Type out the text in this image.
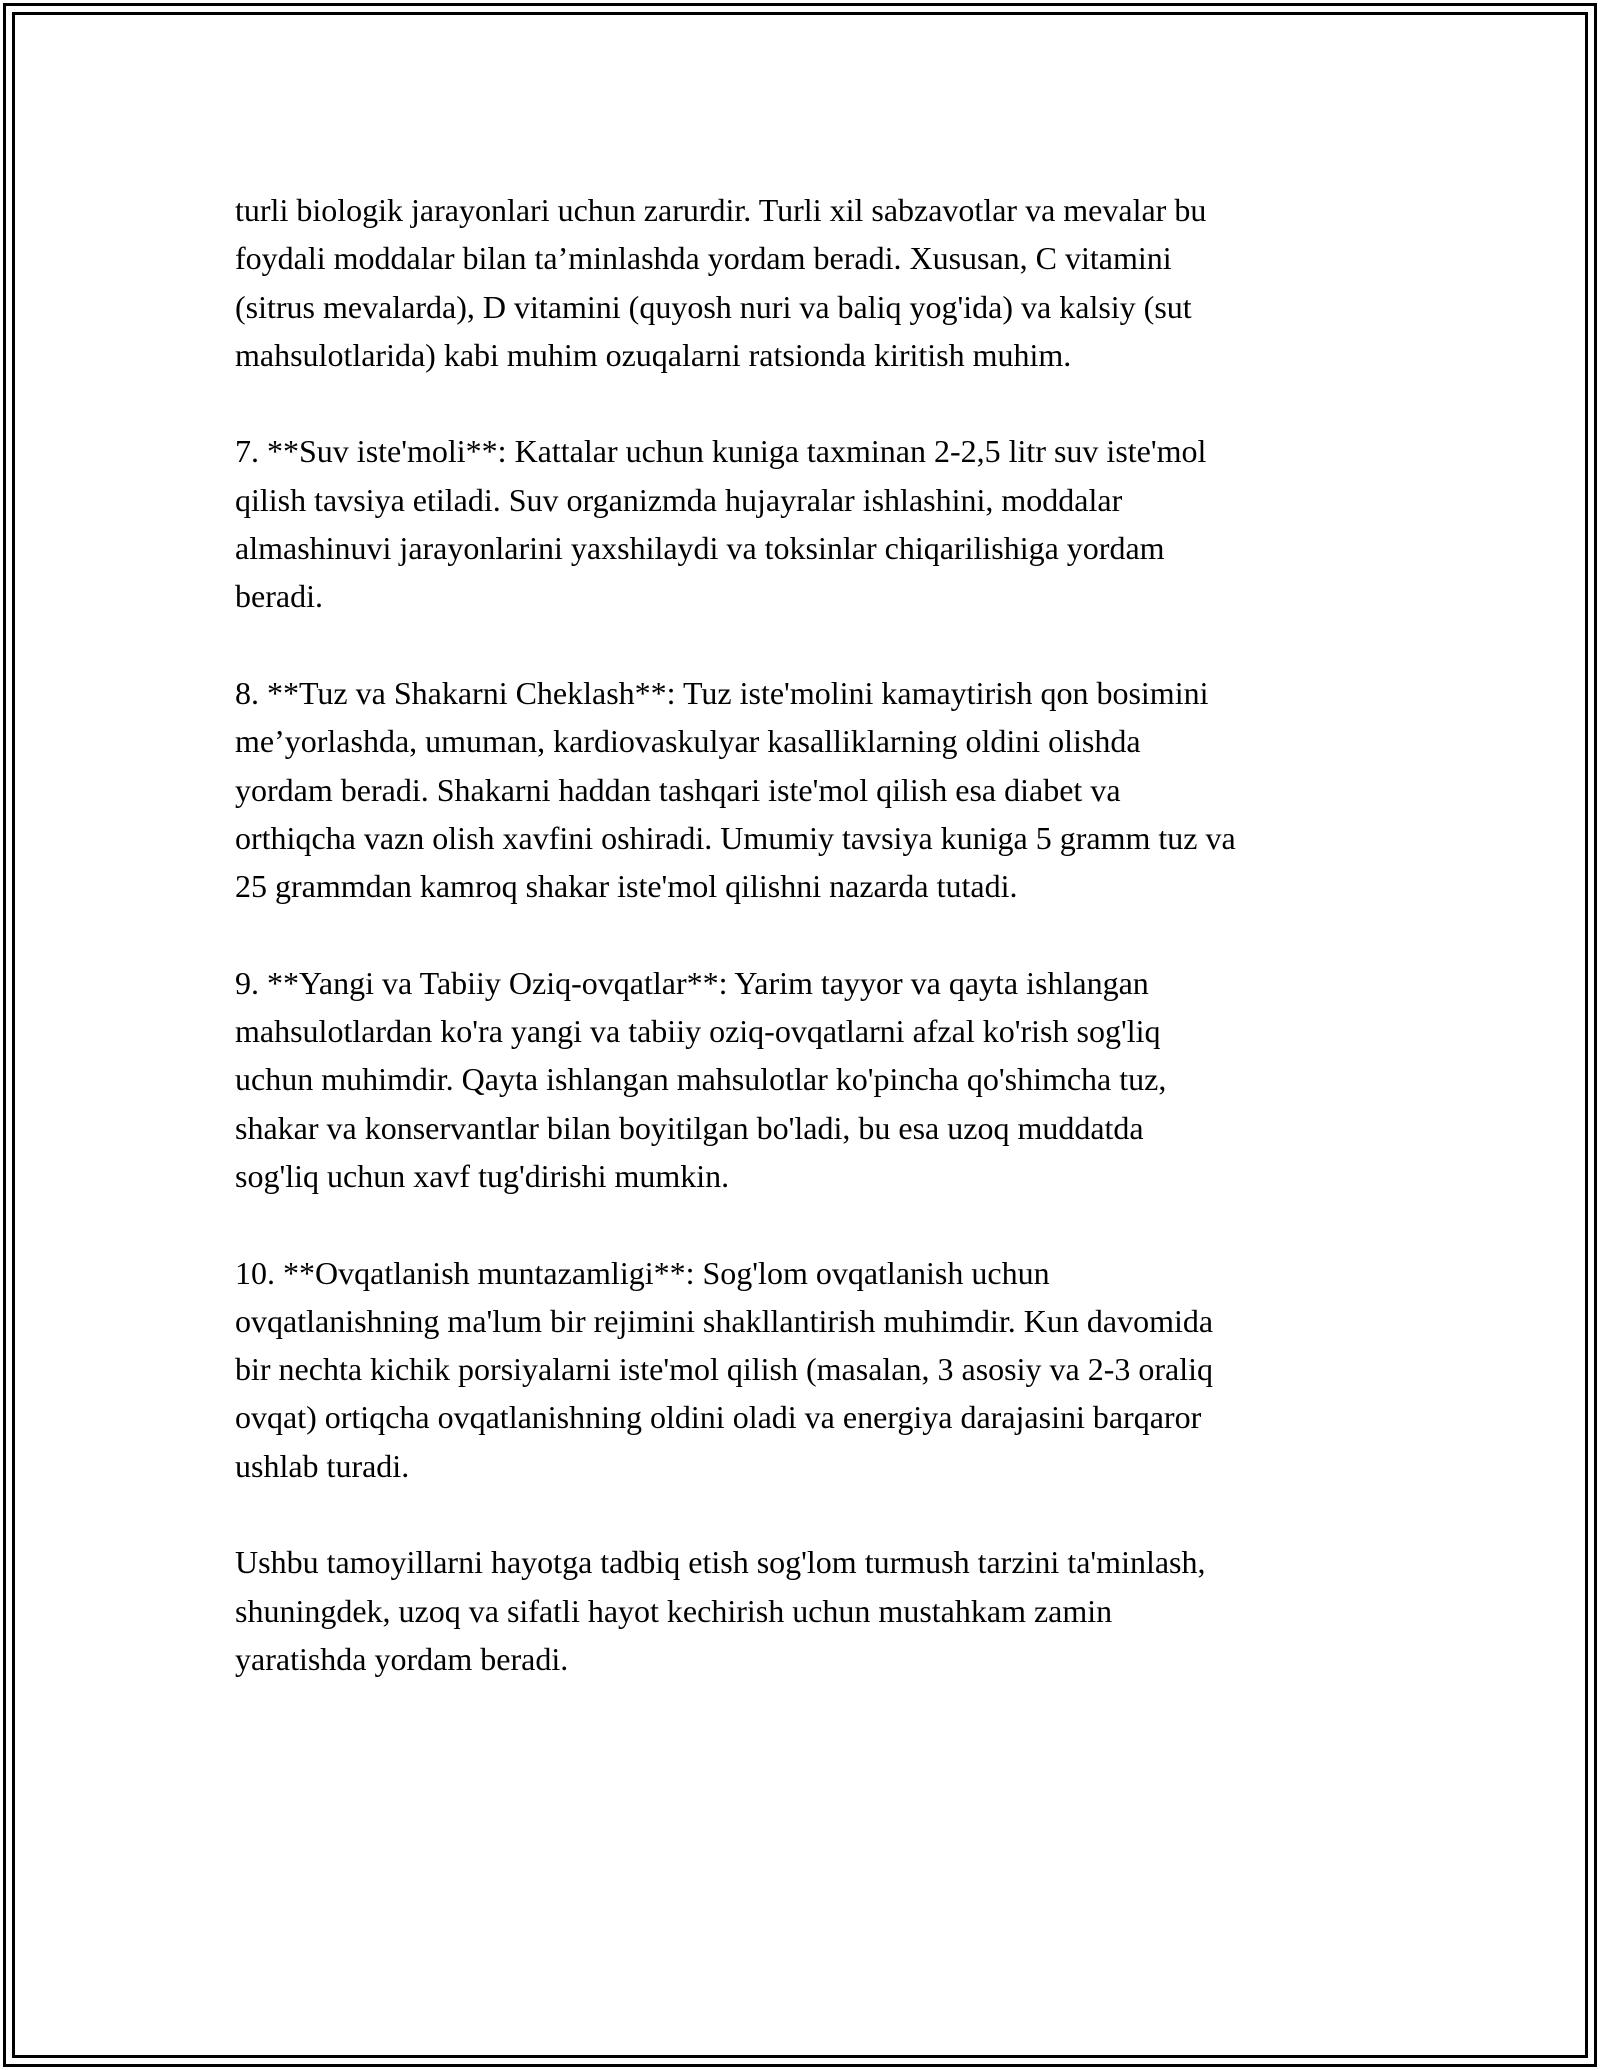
turli biologik jarayonlari uchun zarurdir. Turli xil sabzavotlar va mevalar bu
foydali moddalar bilan ta’minlashda yordam beradi. Xususan, C vitamini
(sitrus mevalarda), D vitamini (quyosh nuri va baliq yog'ida) va kalsiy (sut
mahsulotlarida) kabi muhim ozuqalarni ratsionda kiritish muhim.

7. **Suv iste'moli**: Kattalar uchun kuniga taxminan 2-2,5 litr suv iste'mol
qilish tavsiya etiladi. Suv organizmda hujayralar ishlashini, moddalar
almashinuvi jarayonlarini yaxshilaydi va toksinlar chiqarilishiga yordam
beradi.

8. **Tuz va Shakarni Cheklash**: Tuz iste'molini kamaytirish qon bosimini
me’yorlashda, umuman, kardiovaskulyar kasalliklarning oldini olishda
yordam beradi. Shakarni haddan tashqari iste'mol qilish esa diabet va
orthiqcha vazn olish xavfini oshiradi. Umumiy tavsiya kuniga 5 gramm tuz va
25 grammdan kamroq shakar iste'mol qilishni nazarda tutadi.

9. **Yangi va Tabiiy Oziq-ovqatlar**: Yarim tayyor va qayta ishlangan
mahsulotlardan ko'ra yangi va tabiiy oziq-ovqatlarni afzal ko'rish sog'liq
uchun muhimdir. Qayta ishlangan mahsulotlar ko'pincha qo'shimcha tuz,
shakar va konservantlar bilan boyitilgan bo'ladi, bu esa uzoq muddatda
sog'liq uchun xavf tug'dirishi mumkin.

10. **Ovqatlanish muntazamligi**: Sog'lom ovqatlanish uchun
ovqatlanishning ma'lum bir rejimini shakllantirish muhimdir. Kun davomida
bir nechta kichik porsiyalarni iste'mol qilish (masalan, 3 asosiy va 2-3 oraliq
ovqat) ortiqcha ovqatlanishning oldini oladi va energiya darajasini barqaror
ushlab turadi.

Ushbu tamoyillarni hayotga tadbiq etish sog'lom turmush tarzini ta'minlash,
shuningdek, uzoq va sifatli hayot kechirish uchun mustahkam zamin
yaratishda yordam beradi.
